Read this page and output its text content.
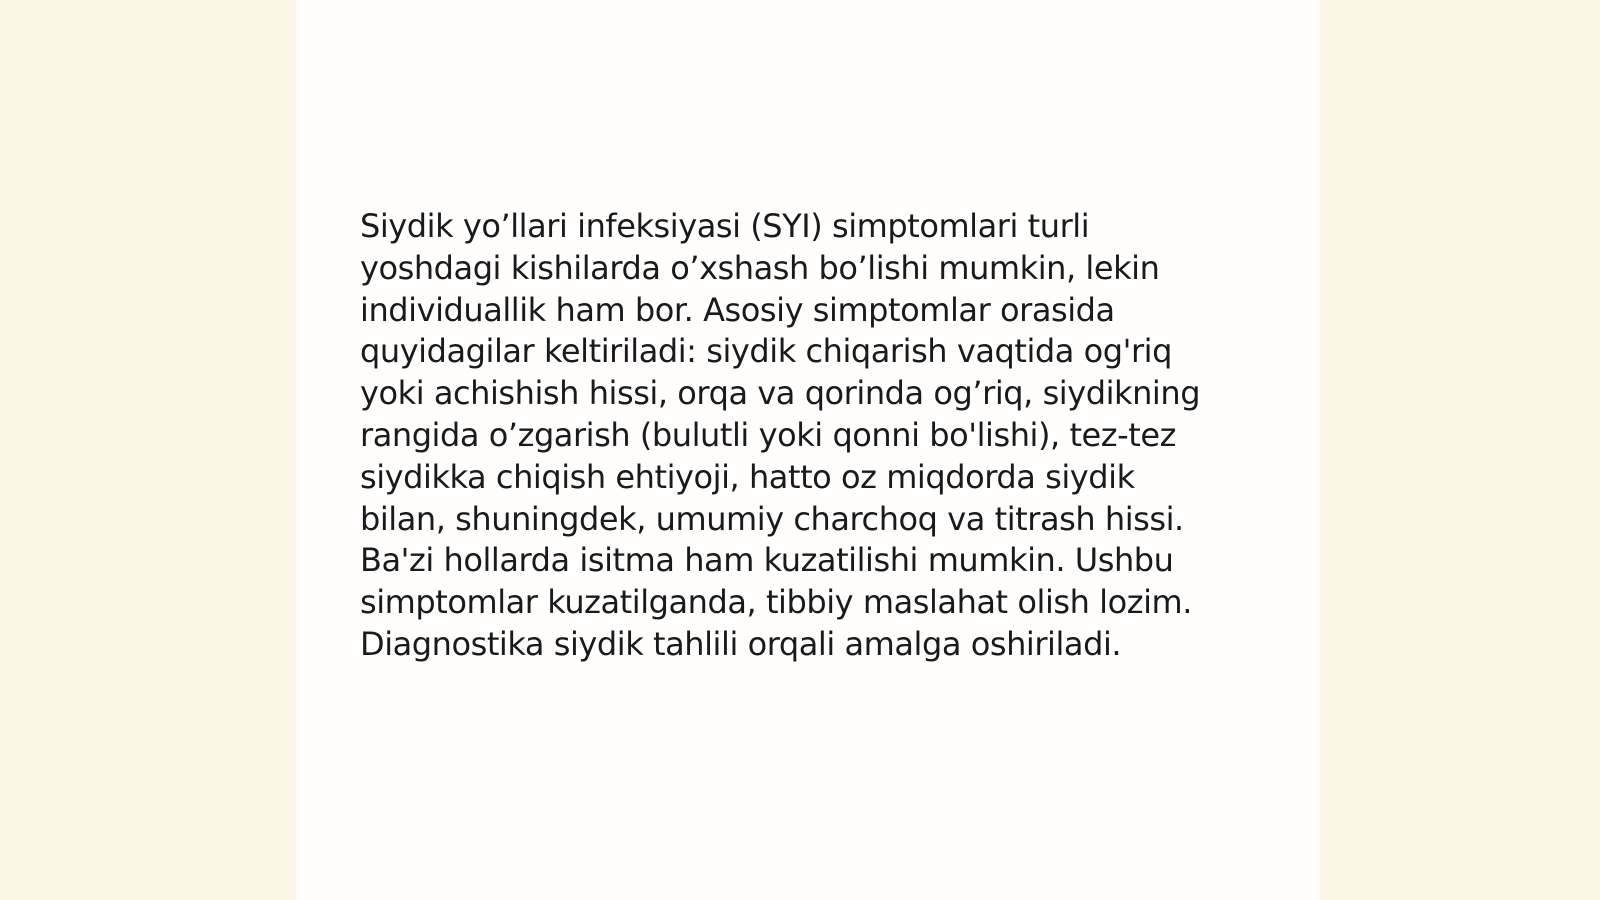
Siydik yo’llari infeksiyasi (SYI) simptomlari turli
yoshdagi kishilarda o’xshash bo’lishi mumkin, lekin
individuallik ham bor. Asosiy simptomlar orasida
quyidagilar keltiriladi: siydik chiqarish vaqtida og'riq
yoki achishish hissi, orqa va qorinda og’riq, siydikning
rangida o’zgarish (bulutli yoki qonni bo'lishi), tez-tez
siydikka chiqish ehtiyoji, hatto oz miqdorda siydik
bilan, shuningdek, umumiy charchoq va titrash hissi.
Ba'zi hollarda isitma ham kuzatilishi mumkin. Ushbu
simptomlar kuzatilganda, tibbiy maslahat olish lozim.
Diagnostika siydik tahlili orqali amalga oshiriladi.
